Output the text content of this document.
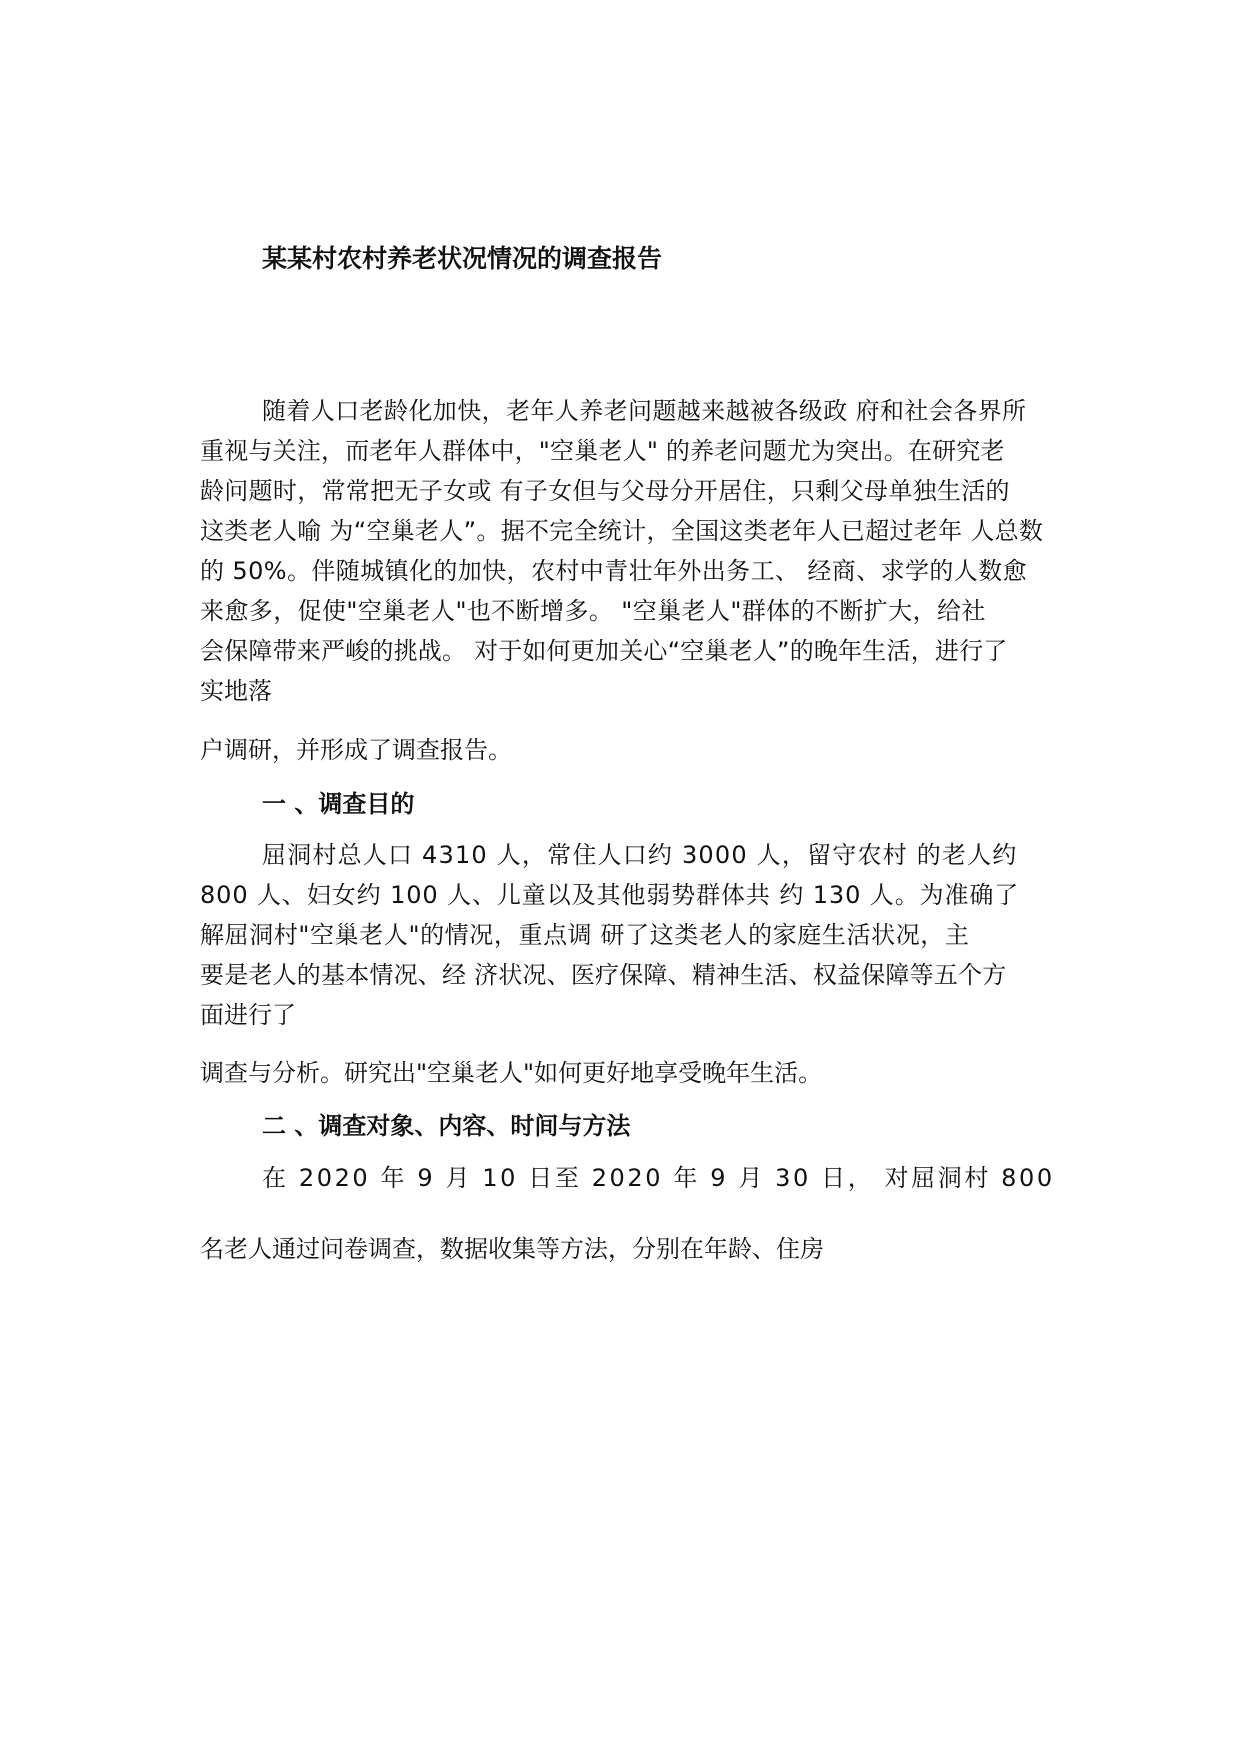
某某村农村养老状况情况的调查报告
随着人口老龄化加快，老年人养老问题越来越被各级政 府和社会各界所
重视与关注，而老年人群体中，"空巢老人" 的养老问题尤为突出。在研究老
龄问题时，常常把无子女或 有子女但与父母分开居住，只剩父母单独生活的
这类老人喻 为“空巢老人”。据不完全统计，全国这类老年人已超过老年 人总数
的 50%。伴随城镇化的加快，农村中青壮年外出务工、 经商、求学的人数愈
来愈多，促使"空巢老人"也不断增多。 "空巢老人"群体的不断扩大，给社
会保障带来严峻的挑战。 对于如何更加关心“空巢老人”的晚年生活，进行了
实地落
户调研，并形成了调查报告。
一 、调查目的
屈洞村总人口 4310 人，常住人口约 3000 人，留守农村 的老人约
800 人、妇女约 100 人、儿童以及其他弱势群体共 约 130 人。为准确了
解屈洞村"空巢老人"的情况，重点调 研了这类老人的家庭生活状况，主
要是老人的基本情况、经 济状况、医疗保障、精神生活、权益保障等五个方
面进行了
调查与分析。研究出"空巢老人"如何更好地享受晚年生活。
二 、调查对象、内容、时间与方法
在 2020 年 9 月 10 日至 2020 年 9 月 30 日， 对屈洞村 800
名老人通过问卷调查，数据收集等方法，分别在年龄、住房
